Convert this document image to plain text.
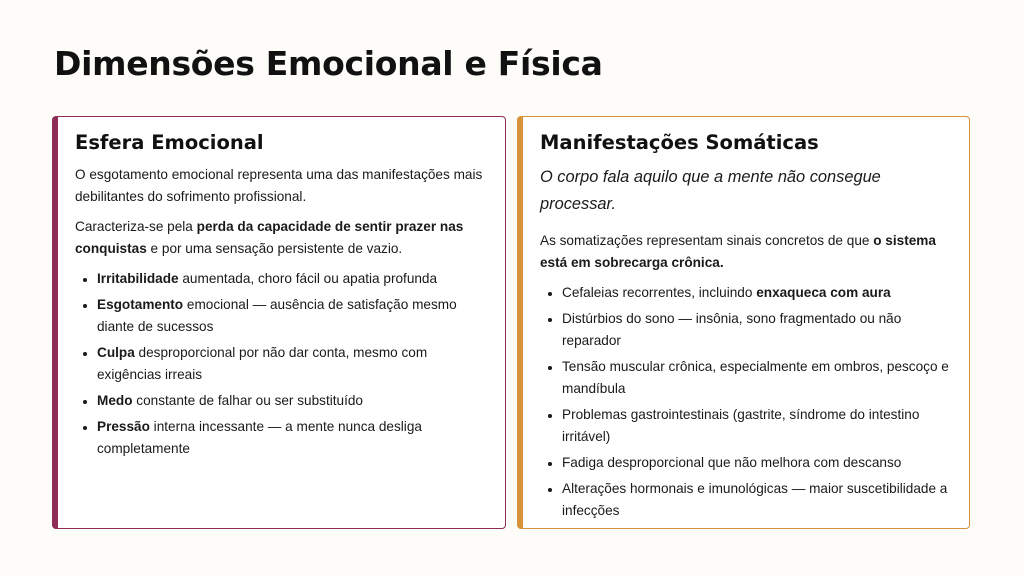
Dimensões Emocional e Física
Esfera Emocional

O esgotamento emocional representa uma das manifestações mais debilitantes do sofrimento profissional.

Caracteriza-se pela perda da capacidade de sentir prazer nas conquistas e por uma sensação persistente de vazio.

• Irritabilidade aumentada, choro fácil ou apatia profunda
• Esgotamento emocional — ausência de satisfação mesmo diante de sucessos
• Culpa desproporcional por não dar conta, mesmo com exigências irreais
• Medo constante de falhar ou ser substituído
• Pressão interna incessante — a mente nunca desliga completamente
Manifestações Somáticas

O corpo fala aquilo que a mente não consegue processar.

As somatizações representam sinais concretos de que o sistema está em sobrecarga crônica.

• Cefaleias recorrentes, incluindo enxaqueca com aura
• Distúrbios do sono — insônia, sono fragmentado ou não reparador
• Tensão muscular crônica, especialmente em ombros, pescoço e mandíbula
• Problemas gastrointestinais (gastrite, síndrome do intestino irritável)
• Fadiga desproporcional que não melhora com descanso
• Alterações hormonais e imunológicas — maior suscetibilidade a infecções
